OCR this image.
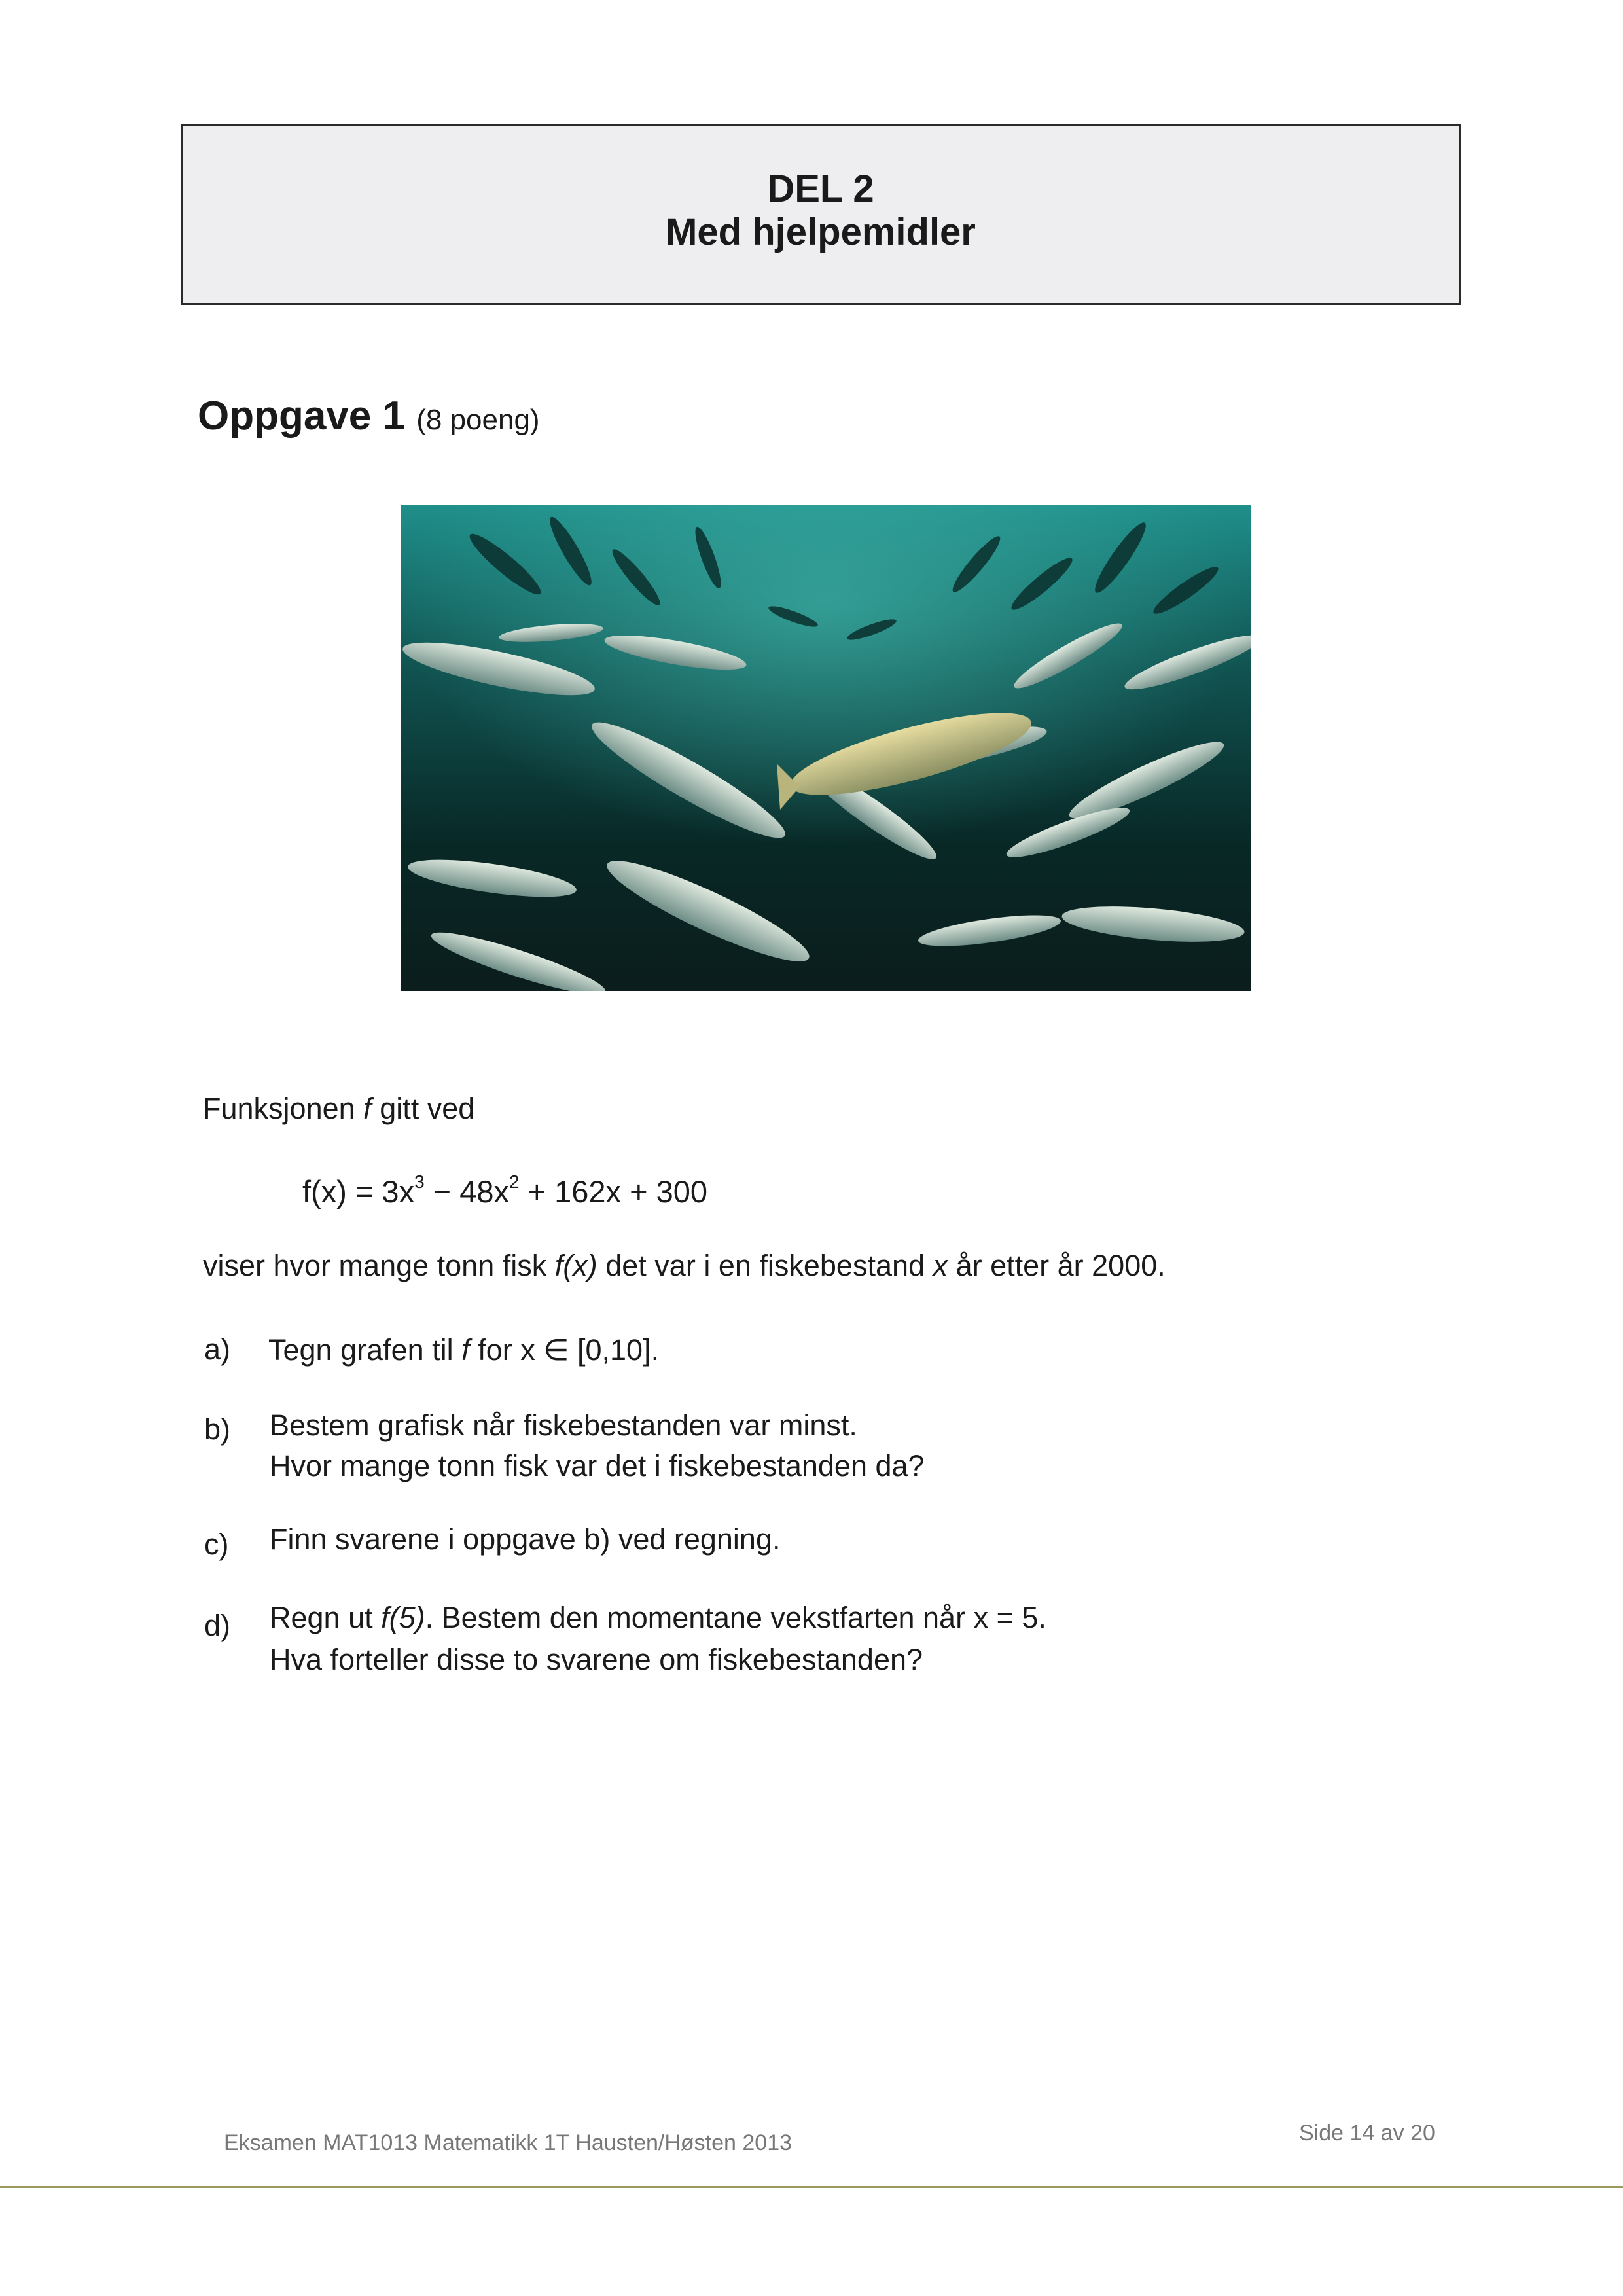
DEL 2
Med hjelpemidler
Oppgave 1 (8 poeng)
Funksjonen f gitt ved
$f(x) = 3x^3 - 48x^2 + 162x + 300$
viser hvor mange tonn fisk f(x) det var i en fiskebestand x år etter år 2000.
a) Tegn grafen til f for x ∈ [0,10].
b) Bestem grafisk når fiskebestanden var minst.
Hvor mange tonn fisk var det i fiskebestanden da?
c) Finn svarene i oppgave b) ved regning.
d) Regn ut f(5). Bestem den momentane vekstfarten når x = 5.
Hva forteller disse to svarene om fiskebestanden?
Eksamen MAT1013 Matematikk 1T Hausten/Høsten 2013	Side 14 av 20
